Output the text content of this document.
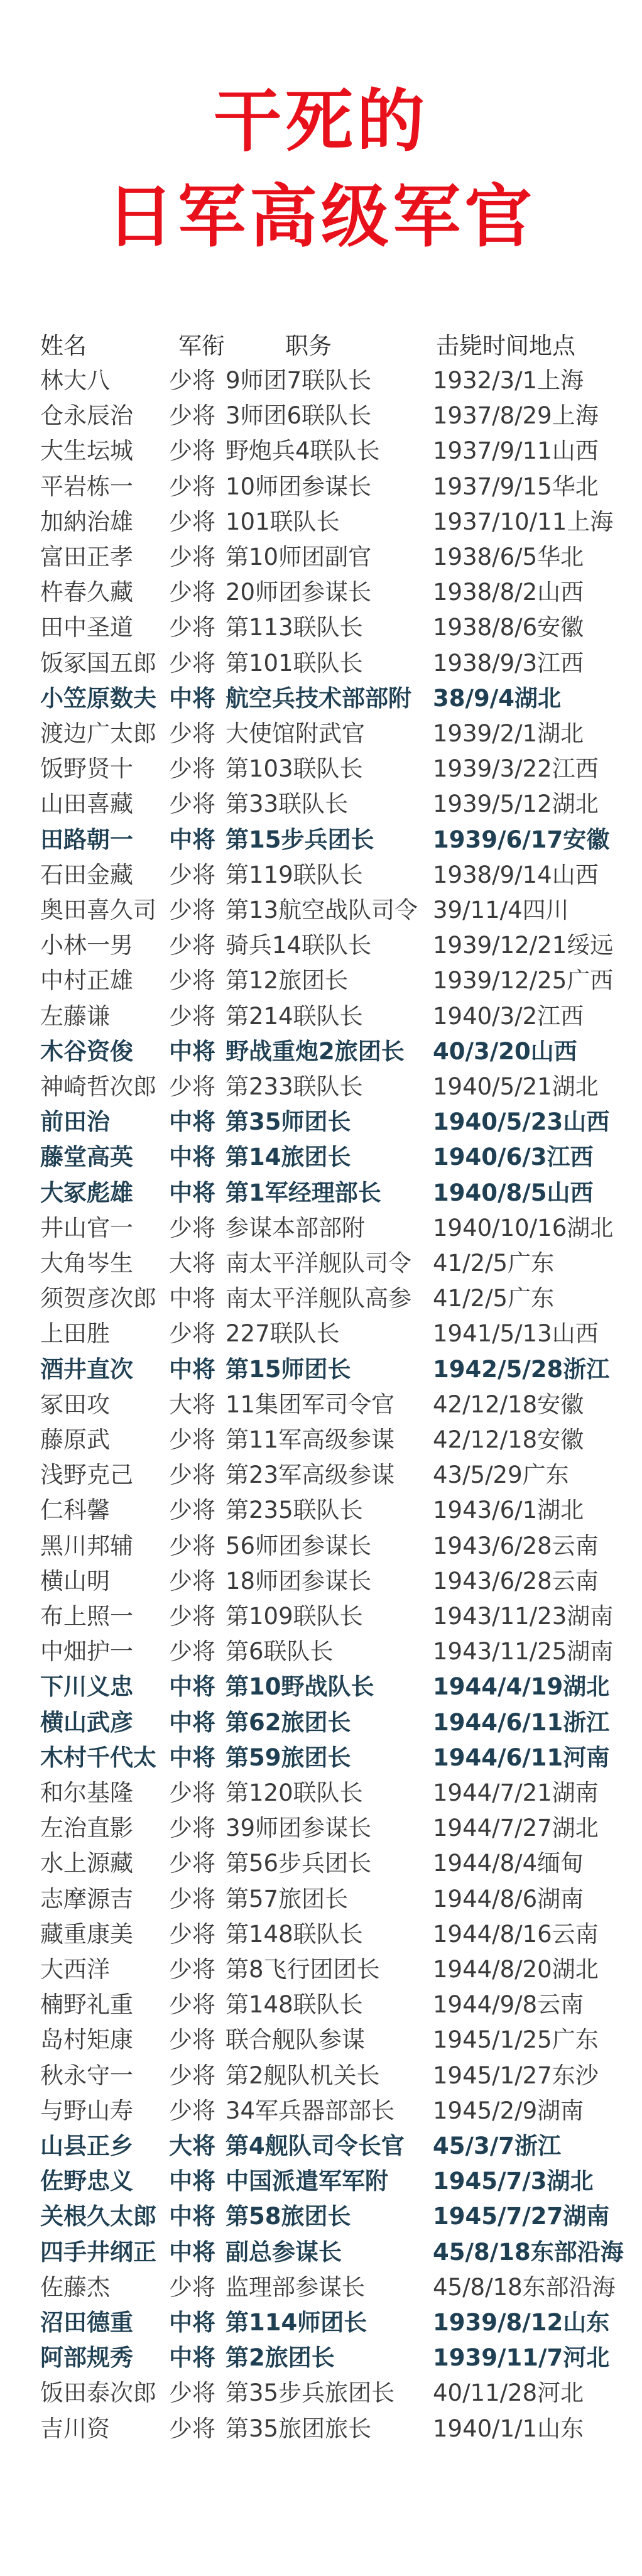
干死的
日军高级军官
姓名	军衔	职务	击毙时间地点
林大八	少将 9师团7联队长	1932/3/1上海
仓永辰治 少将 3师团6联队长	1937/8/29上海
大生坛城 少将 野炮兵4联队长 1937/9/11山西
平岩栋一 少将 10师团参谋长	1937/9/15华北
加納治雄 少将 101联队长	1937/10/11上海
富田正孝 少将 第10师团副官	1938/6/5华北
杵春久藏 少将 20师团参谋长	1938/8/2山西
田中圣道 少将 第113联队长	1938/8/6安徽
饭冢国五郎 少将 第101联队长	1938/9/3江西
小笠原数夫 中将 航空兵技术部部附 38/9/4湖北
渡边广太郎 少将 大使馆附武官	1939/2/1湖北
饭野贤十 少将 第103联队长	1939/3/22江西
山田喜藏 少将 第33联队长	1939/5/12湖北
田路朝一 中将 第15步兵团长	1939/6/17安徽
石田金藏 少将 第119联队长	1938/9/14山西
奥田喜久司 少将 第13航空战队司令 39/11/4四川
小林一男 少将 骑兵14联队长	1939/12/21绥远
中村正雄 少将 第12旅团长	1939/12/25广西
左藤谦	少将 第214联队长	1940/3/2江西
木谷资俊 中将 野战重炮2旅团长 40/3/20山西
神崎哲次郎 少将 第233联队长	1940/5/21湖北
前田治	中将 第35师团长	1940/5/23山西
藤堂高英 中将 第14旅团长	1940/6/3江西
大冢彪雄 中将 第1军经理部长 1940/8/5山西
井山官一 少将 参谋本部部附	1940/10/16湖北
大角岑生 大将 南太平洋舰队司令 41/2/5广东
须贺彦次郎 中将 南太平洋舰队高参 41/2/5广东
上田胜	少将 227联队长	1941/5/13山西
酒井直次 中将 第15师团长	1942/5/28浙江
冢田攻	大将 11集团军司令官 42/12/18安徽
藤原武	少将 第11军高级参谋 42/12/18安徽
浅野克己 少将 第23军高级参谋 43/5/29广东
仁科馨	少将 第235联队长	1943/6/1湖北
黑川邦辅 少将 56师团参谋长	1943/6/28云南
横山明	少将 18师团参谋长	1943/6/28云南
布上照一 少将 第109联队长	1943/11/23湖南
中畑护一 少将 第6联队长	1943/11/25湖南
下川义忠 中将 第10野战队长	1944/4/19湖北
横山武彦 中将 第62旅团长	1944/6/11浙江
木村千代太 中将 第59旅团长	1944/6/11河南
和尔基隆 少将 第120联队长	1944/7/21湖南
左治直影 少将 39师团参谋长	1944/7/27湖北
水上源藏 少将 第56步兵团长	1944/8/4缅甸
志摩源吉 少将 第57旅团长	1944/8/6湖南
藏重康美 少将 第148联队长	1944/8/16云南
大西洋	少将 第8飞行团团长 1944/8/20湖北
楠野礼重 少将 第148联队长	1944/9/8云南
岛村矩康 少将 联合舰队参谋	1945/1/25广东
秋永守一 少将 第2舰队机关长 1945/1/27东沙
与野山寿 少将 34军兵器部部长 1945/2/9湖南
山县正乡 大将 第4舰队司令长官 45/3/7浙江
佐野忠义 中将 中国派遣军军附 1945/7/3湖北
关根久太郎 中将 第58旅团长	1945/7/27湖南
四手井纲正 中将 副总参谋长	45/8/18东部沿海
佐藤杰	少将 监理部参谋长	45/8/18东部沿海
沼田德重 中将 第114师团长	1939/8/12山东
阿部规秀 中将 第2旅团长	1939/11/7河北
饭田泰次郎 少将 第35步兵旅团长 40/11/28河北
吉川资	少将 第35旅团旅长	1940/1/1山东
